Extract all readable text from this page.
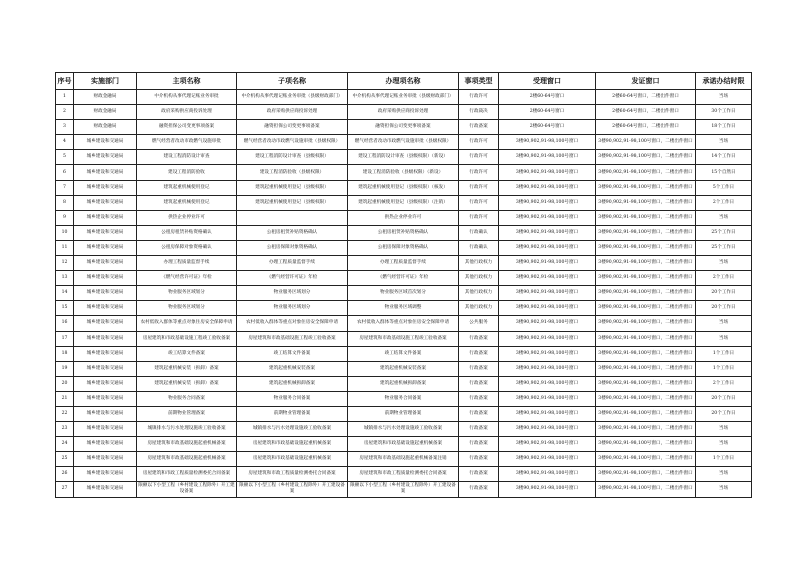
序号	实施部门	主项名称	子项名称	办理项名称	事项类型	受理窗口	发证窗口	承诺办结时限
1	财政金融局	中介机构从事代理记账业务审批	中介机构从事代理记账业务审批（县级财政部门）	中介机构从事代理记账业务审批（县级财政部门）	行政许可	2楼60-64号窗口	2楼60-64号窗口，二楼出件窗口	当场
2	财政金融局	政府采购供应商投诉处理	政府采购供应商投诉处理	政府采购供应商投诉处理	行政裁决	2楼60-64号窗口	2楼60-64号窗口，二楼出件窗口	30个工作日
3	财政金融局	融资担保公司变更事项备案	融资担保公司变更事项备案	融资担保公司变更事项备案	行政备案	2楼60-64号窗口	2楼60-64号窗口，二楼出件窗口	18个工作日
4	城乡建设和交通局	燃气经营者改动市政燃气设施审批	燃气经营者改动市政燃气设施审批（县级权限）	燃气经营者改动市政燃气设施审批（县级权限）	行政许可	3楼90,902,91-98,100号窗口	3楼90,902,91-98,100号窗口，二楼出件窗口	当场
5	城乡建设和交通局	建设工程消防设计审查	建设工程消防设计审查（县级权限）	建设工程消防设计审查（县级权限）（新设）	行政许可	3楼90,902,91-98,100号窗口	3楼90,902,91-98,100号窗口，二楼出件窗口	14个工作日
6	城乡建设和交通局	建设工程消防验收	建设工程消防验收（县级权限）	建设工程消防验收（县级权限）（新设）	行政许可	3楼90,902,91-98,100号窗口	3楼90,902,91-98,100号窗口，二楼出件窗口	15个自然日
7	城乡建设和交通局	建筑起重机械使用登记	建筑起重机械使用登记（县级权限）	建筑起重机械使用登记（县级权限）（核发）	行政许可	3楼90,902,91-98,100号窗口	3楼90,902,91-98,100号窗口，二楼出件窗口	5个工作日
8	城乡建设和交通局	建筑起重机械使用登记	建筑起重机械使用登记（县级权限）	建筑起重机械使用登记（县级权限）（注销）	行政许可	3楼90,902,91-98,100号窗口	3楼90,902,91-98,100号窗口，二楼出件窗口	2个工作日
9	城乡建设和交通局	供热企业停业许可		供热企业停业许可	行政许可	3楼90,902,91-98,100号窗口	3楼90,902,91-98,100号窗口，二楼出件窗口	当场
10	城乡建设和交通局	公租房租赁补贴资格确认	公租房租赁补贴资格确认	公租房租赁补贴资格确认	行政确认	3楼90,902,91-98,100号窗口	3楼90,902,91-98,100号窗口，二楼出件窗口	25个工作日
11	城乡建设和交通局	公租房保障对象资格确认	公租房保障对象资格确认	公租房保障对象资格确认	行政确认	3楼90,902,91-98,100号窗口	3楼90,902,91-98,100号窗口，二楼出件窗口	25个工作日
12	城乡建设和交通局	办理工程质量监督手续	办理工程质量监督手续	办理工程质量监督手续	其他行政权力	3楼90,902,91-98,100号窗口	3楼90,902,91-98,100号窗口，二楼出件窗口	当场
13	城乡建设和交通局	《燃气经营许可证》年检	《燃气经营许可证》年检	《燃气经营许可证》年检	其他行政权力	3楼90,902,91-98,100号窗口	3楼90,902,91-98,100号窗口，二楼出件窗口	2个工作日
14	城乡建设和交通局	物业服务区域划分	物业服务区域划分	物业服务区域首次划分	其他行政权力	3楼90,902,91-98,100号窗口	3楼90,902,91-98,100号窗口，二楼出件窗口	20个工作日
15	城乡建设和交通局	物业服务区域划分	物业服务区域划分	物业服务区域调整	其他行政权力	3楼90,902,91-98,100号窗口	3楼90,902,91-98,100号窗口，二楼出件窗口	20个工作日
16	城乡建设和交通局	农村低收入群体等重点对象住房安全保障申请	农村低收入群体等重点对象住房安全保障申请	农村低收入群体等重点对象住房安全保障申请	公共服务	3楼90,902,91-98,100号窗口	3楼90,902,91-98,100号窗口，二楼出件窗口	当场
17	城乡建设和交通局	房屋建筑和市政基础设施工程竣工验收备案	房屋建筑和市政基础设施工程竣工验收备案	房屋建筑和市政基础设施工程竣工验收备案	行政备案	3楼90,902,91-98,100号窗口	3楼90,902,91-98,100号窗口，二楼出件窗口	当场
18	城乡建设和交通局	竣工结算文件备案	竣工结算文件备案	竣工结算文件备案	行政备案	3楼90,902,91-98,100号窗口	3楼90,902,91-98,100号窗口，二楼出件窗口	1个工作日
19	城乡建设和交通局	建筑起重机械安装（拆卸）备案	建筑起重机械安装备案	建筑起重机械安装备案	行政备案	3楼90,902,91-98,100号窗口	3楼90,902,91-98,100号窗口，二楼出件窗口	1个工作日
20	城乡建设和交通局	建筑起重机械安装（拆卸）备案	建筑起重机械拆卸备案	建筑起重机械拆卸备案	行政备案	3楼90,902,91-98,100号窗口	3楼90,902,91-98,100号窗口，二楼出件窗口	2个工作日
21	城乡建设和交通局	物业服务合同备案	物业服务合同备案	物业服务合同备案	行政备案	3楼90,902,91-98,100号窗口	3楼90,902,91-98,100号窗口，二楼出件窗口	20个工作日
22	城乡建设和交通局	前期物业管理备案	前期物业管理备案	前期物业管理备案	行政备案	3楼90,902,91-98,100号窗口	3楼90,902,91-98,100号窗口，二楼出件窗口	20个工作日
23	城乡建设和交通局	城镇排水与污水处理设施竣工验收备案	城镇排水与污水处理设施竣工验收备案	城镇排水与污水处理设施竣工验收备案	行政备案	3楼90,902,91-98,100号窗口	3楼90,902,91-98,100号窗口，二楼出件窗口	当场
24	城乡建设和交通局	房屋建筑和市政基础设施起重机械备案	房屋建筑和市政基础设施起重机械备案	房屋建筑和市政基础设施起重机械备案	行政备案	3楼90,902,91-98,100号窗口	3楼90,902,91-98,100号窗口，二楼出件窗口	当场
25	城乡建设和交通局	房屋建筑和市政基础设施起重机械备案	房屋建筑和市政基础设施起重机械备案	房屋建筑和市政基础设施起重机械备案注销	行政备案	3楼90,902,91-98,100号窗口	3楼90,902,91-98,100号窗口，二楼出件窗口	1个工作日
26	城乡建设和交通局	房屋建筑和市政工程质量检测委托合同备案	房屋建筑和市政工程质量检测委托合同备案	房屋建筑和市政工程质量检测委托合同备案	行政备案	3楼90,902,91-98,100号窗口	3楼90,902,91-98,100号窗口，二楼出件窗口	当场
27	城乡建设和交通局	限额以下小型工程（乡村建设工程除外）开工建设备案	限额以下小型工程（乡村建设工程除外）开工建设备案	限额以下小型工程（乡村建设工程除外）开工建设备案	行政备案	3楼90,902,91-98,100号窗口	3楼90,902,91-98,100号窗口，二楼出件窗口	当场
